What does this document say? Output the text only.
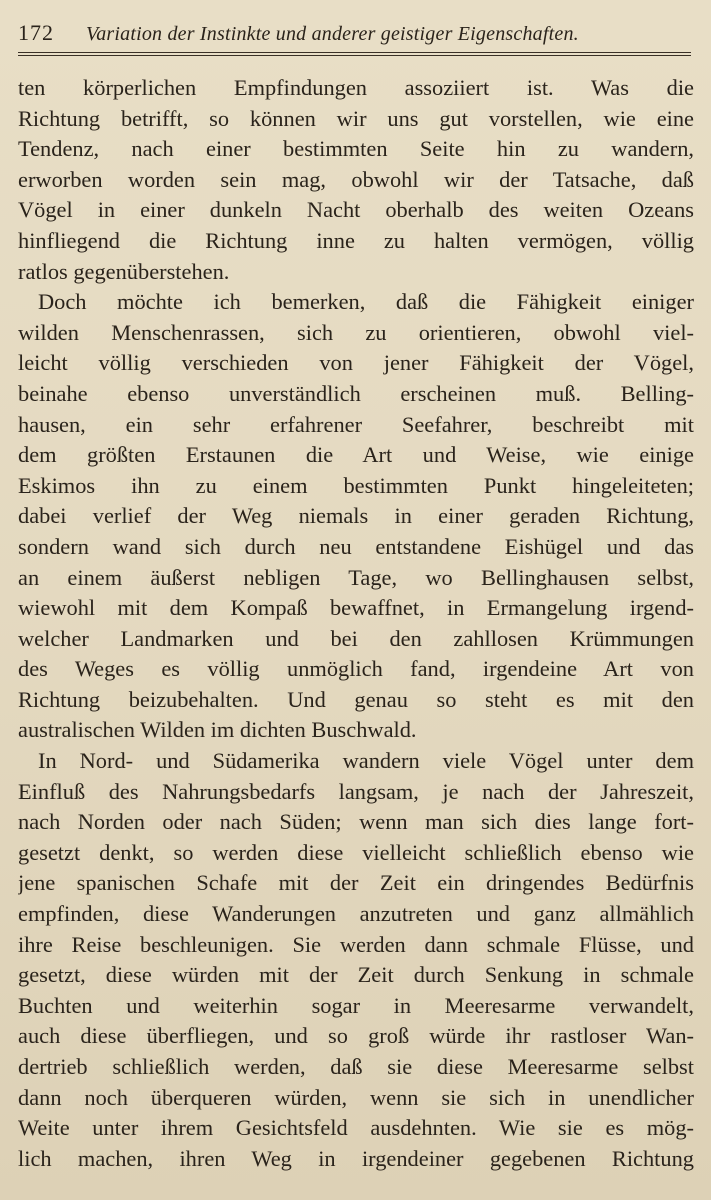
172 Variation der Instinkte und anderer geistiger Eigenschaften.
ten körperlichen Empfindungen assoziiert ist. Was die
Richtung betrifft, so können wir uns gut vorstellen, wie eine
Tendenz, nach einer bestimmten Seite hin zu wandern,
erworben worden sein mag, obwohl wir der Tatsache, daß
Vögel in einer dunkeln Nacht oberhalb des weiten Ozeans
hinfliegend die Richtung inne zu halten vermögen, völlig
ratlos gegenüberstehen.
Doch möchte ich bemerken, daß die Fähigkeit einiger
wilden Menschenrassen, sich zu orientieren, obwohl viel-
leicht völlig verschieden von jener Fähigkeit der Vögel,
beinahe ebenso unverständlich erscheinen muß. Belling-
hausen, ein sehr erfahrener Seefahrer, beschreibt mit
dem größten Erstaunen die Art und Weise, wie einige
Eskimos ihn zu einem bestimmten Punkt hingeleiteten;
dabei verlief der Weg niemals in einer geraden Richtung,
sondern wand sich durch neu entstandene Eishügel und das
an einem äußerst nebligen Tage, wo Bellinghausen selbst,
wiewohl mit dem Kompaß bewaffnet, in Ermangelung irgend-
welcher Landmarken und bei den zahllosen Krümmungen
des Weges es völlig unmöglich fand, irgendeine Art von
Richtung beizubehalten. Und genau so steht es mit den
australischen Wilden im dichten Buschwald.
In Nord- und Südamerika wandern viele Vögel unter dem
Einfluß des Nahrungsbedarfs langsam, je nach der Jahreszeit,
nach Norden oder nach Süden; wenn man sich dies lange fort-
gesetzt denkt, so werden diese vielleicht schließlich ebenso wie
jene spanischen Schafe mit der Zeit ein dringendes Bedürfnis
empfinden, diese Wanderungen anzutreten und ganz allmählich
ihre Reise beschleunigen. Sie werden dann schmale Flüsse, und
gesetzt, diese würden mit der Zeit durch Senkung in schmale
Buchten und weiterhin sogar in Meeresarme verwandelt,
auch diese überfliegen, und so groß würde ihr rastloser Wan-
dertrieb schließlich werden, daß sie diese Meeresarme selbst
dann noch überqueren würden, wenn sie sich in unendlicher
Weite unter ihrem Gesichtsfeld ausdehnten. Wie sie es mög-
lich machen, ihren Weg in irgendeiner gegebenen Richtung
